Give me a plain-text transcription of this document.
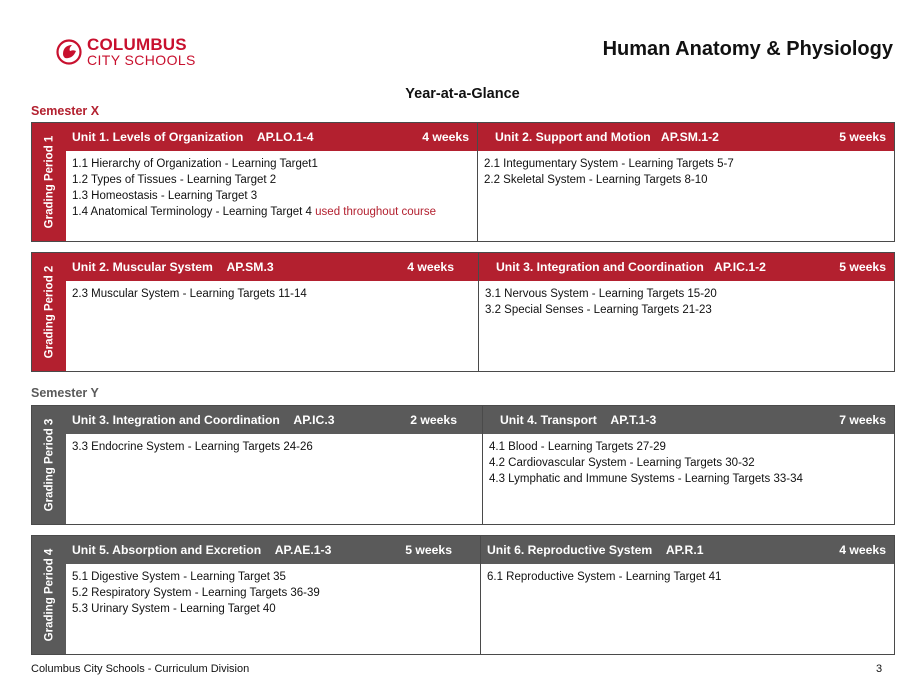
COLUMBUS
CITY SCHOOLS	Human Anatomy & Physiology
Year-at-a-Glance
Semester X
Grading Period 1 Unit 1. Levels of Organization AP.LO.1-4	4 weeks
1.1 Hierarchy of Organization - Learning Target1
1.2 Types of Tissues - Learning Target 2
1.3 Homeostasis - Learning Target 3
1.4 Anatomical Terminology - Learning Target 4 used throughout course
Unit 2. Support and Motion AP.SM.1-2	5 weeks
2.1 Integumentary System - Learning Targets 5-7
2.2 Skeletal System - Learning Targets 8-10
Grading Period 2 Unit 2. Muscular System AP.SM.3	4 weeks
2.3 Muscular System - Learning Targets 11-14
Unit 3. Integration and Coordination AP.IC.1-2	5 weeks
3.1 Nervous System - Learning Targets 15-20
3.2 Special Senses - Learning Targets 21-23
Semester Y
Grading Period 3 Unit 3. Integration and Coordination AP.IC.3	2 weeks
3.3 Endocrine System - Learning Targets 24-26
Unit 4. Transport AP.T.1-3	7 weeks
4.1 Blood - Learning Targets 27-29
4.2 Cardiovascular System - Learning Targets 30-32
4.3 Lymphatic and Immune Systems - Learning Targets 33-34
Grading Period 4 Unit 5. Absorption and Excretion AP.AE.1-3	5 weeks
5.1 Digestive System - Learning Target 35
5.2 Respiratory System - Learning Targets 36-39
5.3 Urinary System - Learning Target 40
Unit 6. Reproductive System AP.R.1	4 weeks
6.1 Reproductive System - Learning Target 41
Columbus City Schools - Curriculum Division	3
